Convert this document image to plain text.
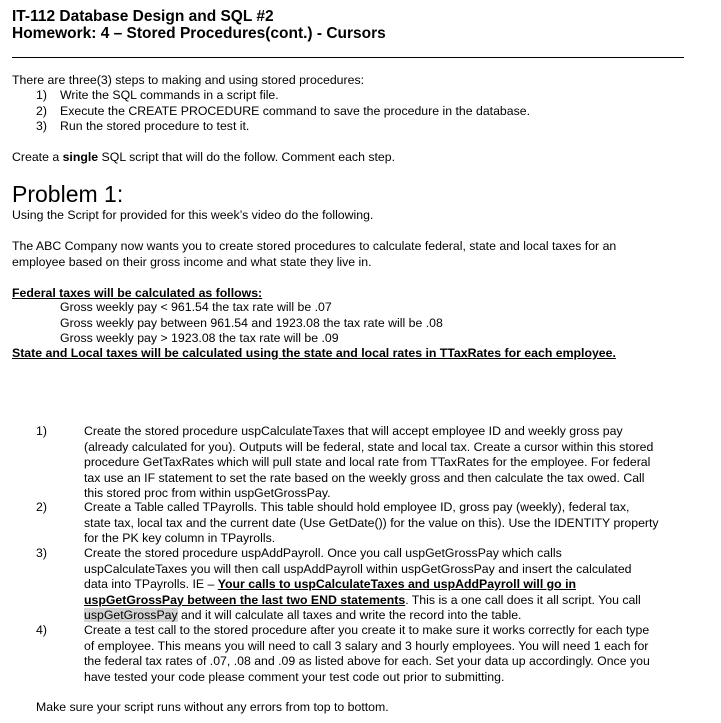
IT-112 Database Design and SQL #2
Homework: 4 – Stored Procedures(cont.) - Cursors
There are three(3) steps to making and using stored procedures:
1) Write the SQL commands in a script file.
2) Execute the CREATE PROCEDURE command to save the procedure in the database.
3) Run the stored procedure to test it.
Create a single SQL script that will do the follow. Comment each step.
Problem 1:
Using the Script for provided for this week’s video do the following.
The ABC Company now wants you to create stored procedures to calculate federal, state and local taxes for an
employee based on their gross income and what state they live in.
Federal taxes will be calculated as follows:
Gross weekly pay < 961.54 the tax rate will be .07
Gross weekly pay between 961.54 and 1923.08 the tax rate will be .08
Gross weekly pay > 1923.08 the tax rate will be .09
State and Local taxes will be calculated using the state and local rates in TTaxRates for each employee.
1)	Create the stored procedure uspCalculateTaxes that will accept employee ID and weekly gross pay
(already calculated for you). Outputs will be federal, state and local tax. Create a cursor within this stored
procedure GetTaxRates which will pull state and local rate from TTaxRates for the employee. For federal
tax use an IF statement to set the rate based on the weekly gross and then calculate the tax owed. Call
this stored proc from within uspGetGrossPay.
2)	Create a Table called TPayrolls. This table should hold employee ID, gross pay (weekly), federal tax,
state tax, local tax and the current date (Use GetDate()) for the value on this). Use the IDENTITY property
for the PK key column in TPayrolls.
3)	Create the stored procedure uspAddPayroll. Once you call uspGetGrossPay which calls
uspCalculateTaxes you will then call uspAddPayroll within uspGetGrossPay and insert the calculated
data into TPayrolls. IE – Your calls to uspCalculateTaxes and uspAddPayroll will go in
uspGetGrossPay between the last two END statements. This is a one call does it all script. You call
uspGetGrossPay and it will calculate all taxes and write the record into the table.
4)	Create a test call to the stored procedure after you create it to make sure it works correctly for each type
of employee. This means you will need to call 3 salary and 3 hourly employees. You will need 1 each for
the federal tax rates of .07, .08 and .09 as listed above for each. Set your data up accordingly. Once you
have tested your code please comment your test code out prior to submitting.
Make sure your script runs without any errors from top to bottom.
